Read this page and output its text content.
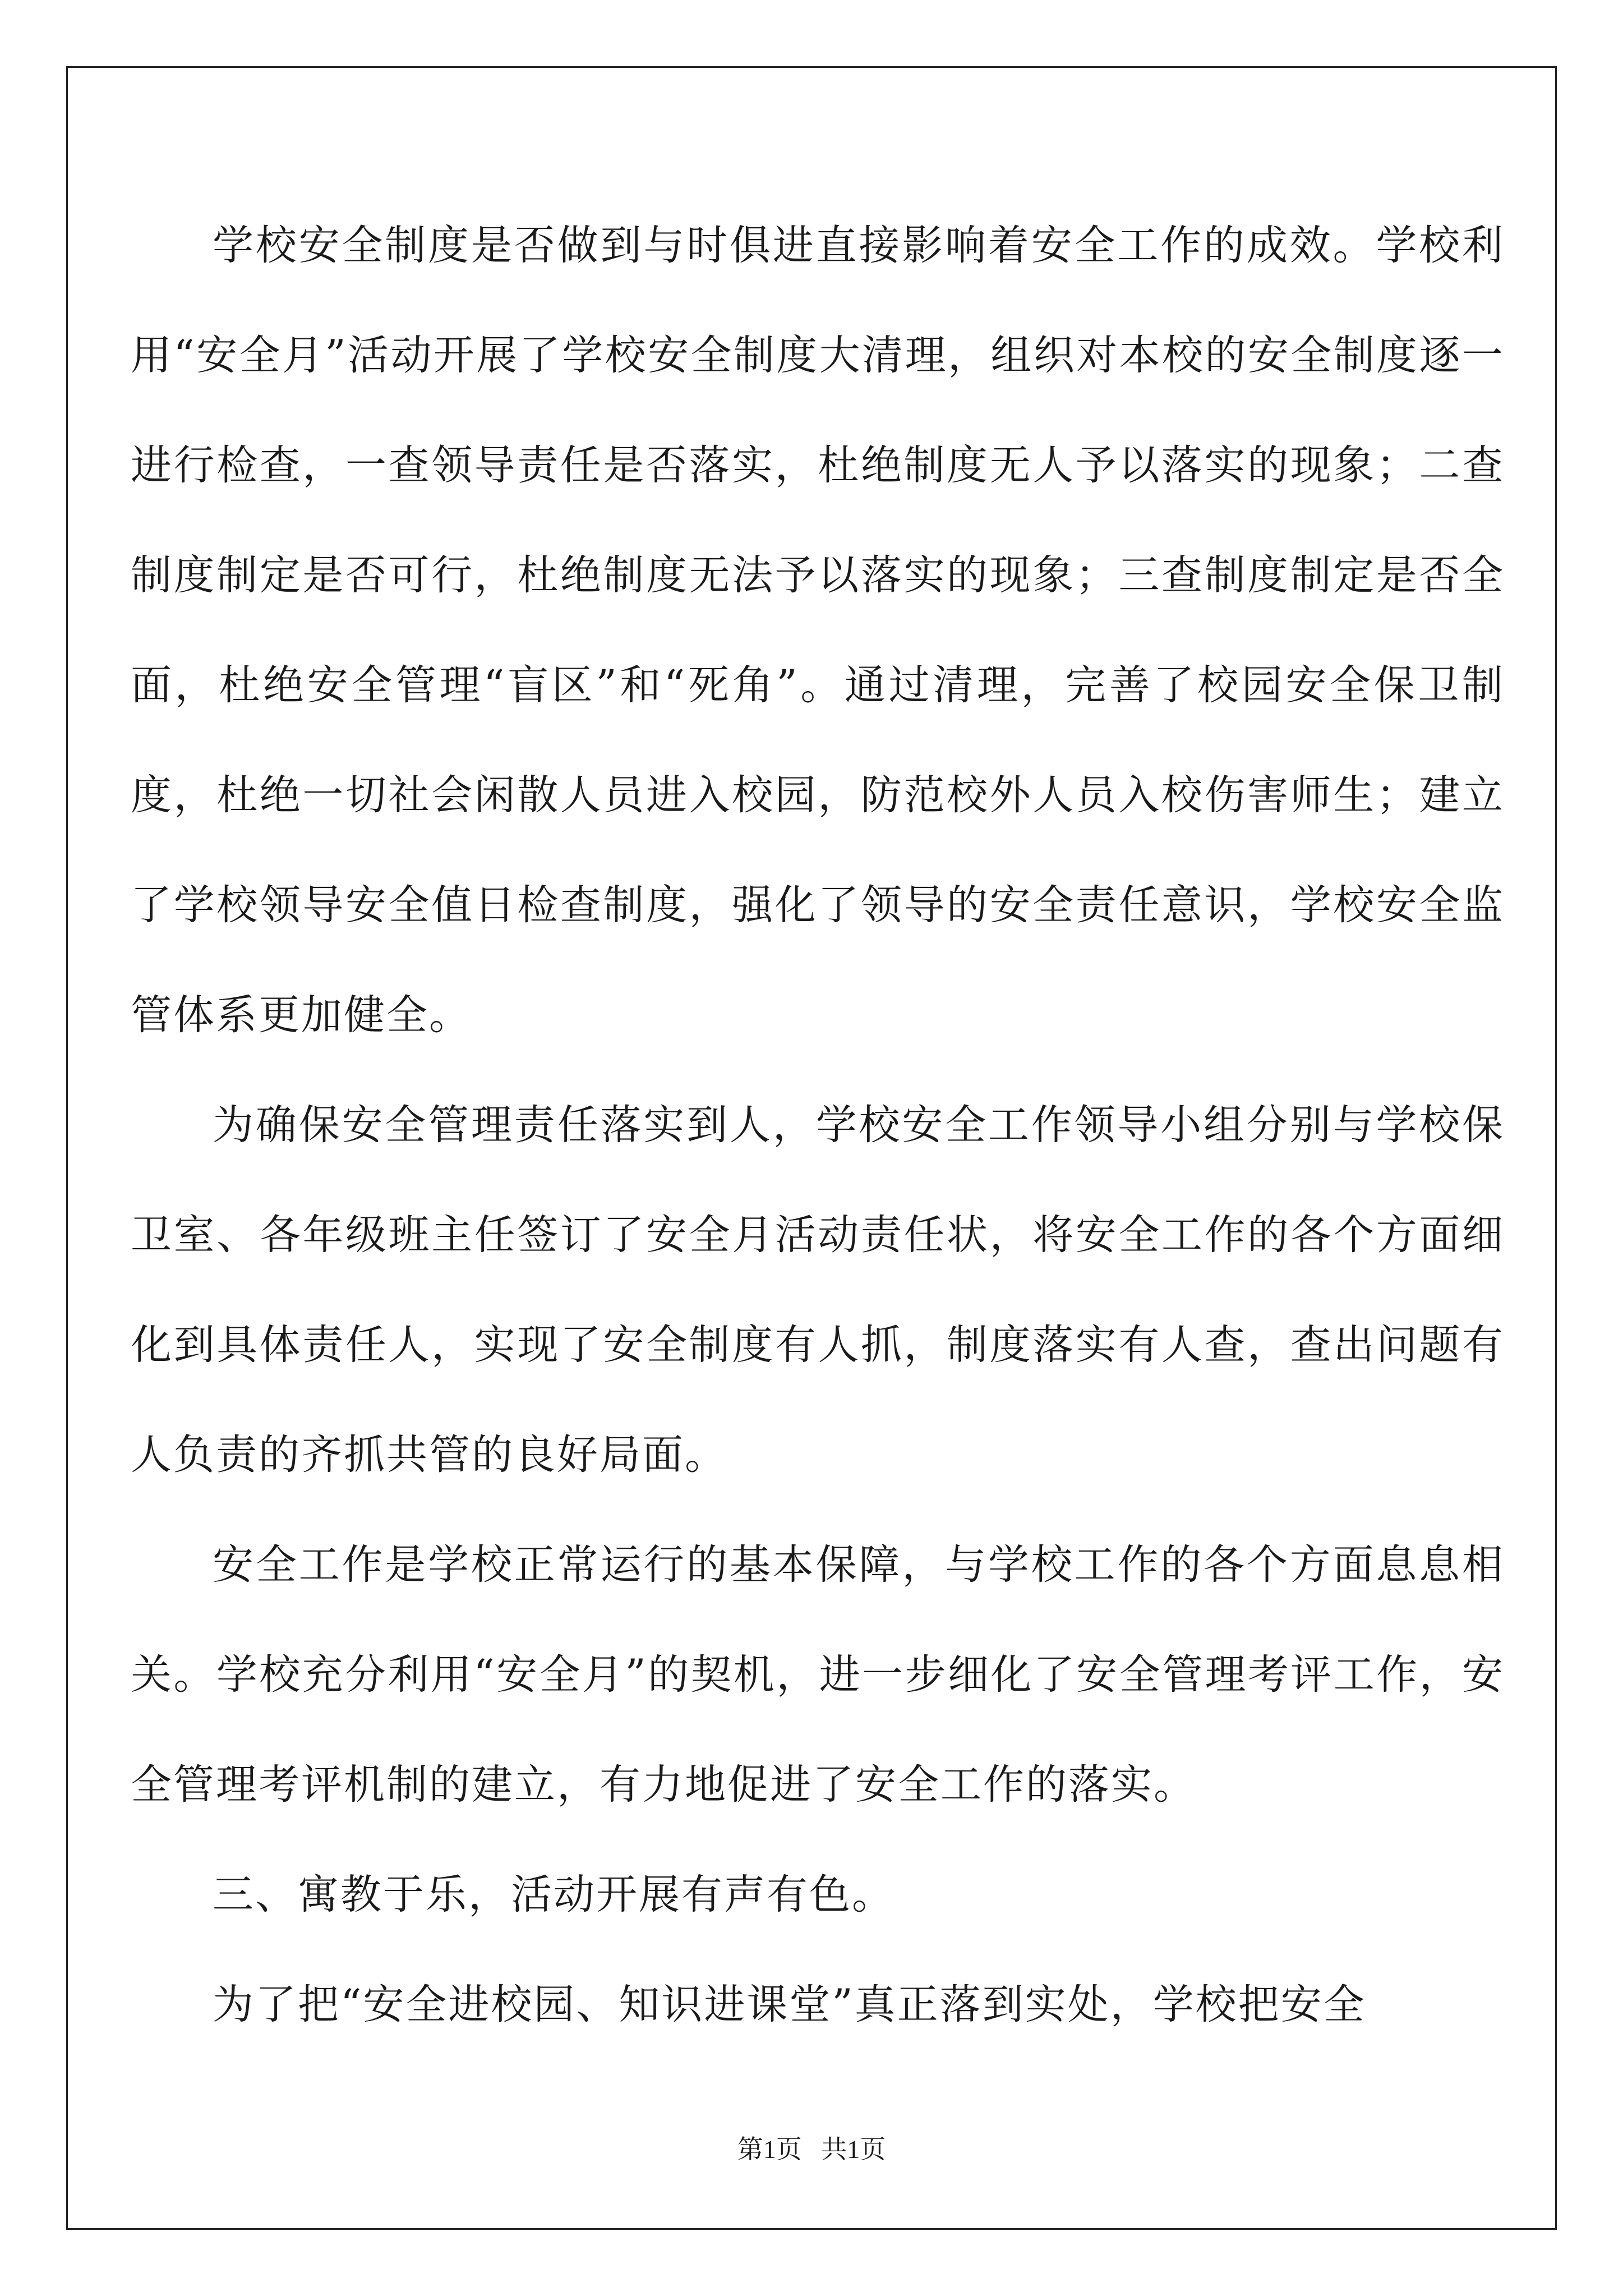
学校安全制度是否做到与时俱进直接影响着安全工作的成效。学校利用“安全月”活动开展了学校安全制度大清理，组织对本校的安全制度逐一进行检查，一查领导责任是否落实，杜绝制度无人予以落实的现象；二查制度制定是否可行，杜绝制度无法予以落实的现象；三查制度制定是否全面，杜绝安全管理“盲区”和“死角”。通过清理，完善了校园安全保卫制度，杜绝一切社会闲散人员进入校园，防范校外人员入校伤害师生；建立了学校领导安全值日检查制度，强化了领导的安全责任意识，学校安全监管体系更加健全。

为确保安全管理责任落实到人，学校安全工作领导小组分别与学校保卫室、各年级班主任签订了安全月活动责任状，将安全工作的各个方面细化到具体责任人，实现了安全制度有人抓，制度落实有人查，查出问题有人负责的齐抓共管的良好局面。

安全工作是学校正常运行的基本保障，与学校工作的各个方面息息相关。学校充分利用“安全月”的契机，进一步细化了安全管理考评工作，安全管理考评机制的建立，有力地促进了安全工作的落实。

三、寓教于乐，活动开展有声有色。

为了把“安全进校园、知识进课堂”真正落到实处，学校把安全

第1页   共1页
